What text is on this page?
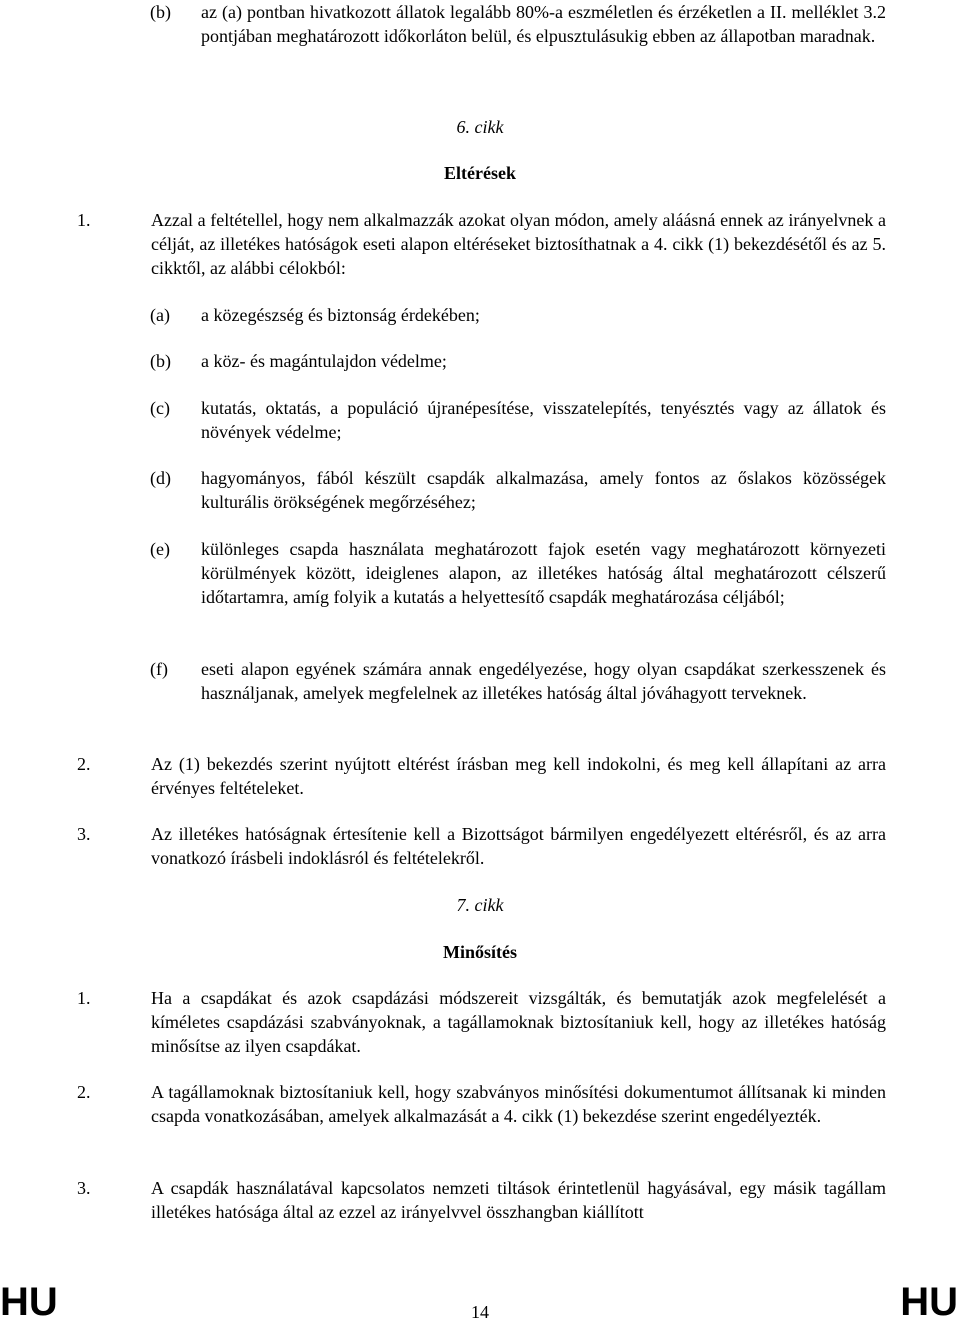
(b) az (a) pontban hivatkozott állatok legalább 80%-a eszméletlen és érzéketlen a II. melléklet 3.2 pontjában meghatározott időkorláton belül, és elpusztulásukig ebben az állapotban maradnak.
6. cikk
Eltérések
1.	Azzal a feltétellel, hogy nem alkalmazzák azokat olyan módon, amely aláásná ennek az irányelvnek a célját, az illetékes hatóságok eseti alapon eltéréseket biztosíthatnak a 4. cikk (1) bekezdésétől és az 5. cikktől, az alábbi célokból:
(a) a közegészség és biztonság érdekében;
(b) a köz- és magántulajdon védelme;
(c) kutatás, oktatás, a populáció újranépesítése, visszatelepítés, tenyésztés vagy az állatok és növények védelme;
(d) hagyományos, fából készült csapdák alkalmazása, amely fontos az őslakos közösségek kulturális örökségének megőrzéséhez;
(e) különleges csapda használata meghatározott fajok esetén vagy meghatározott környezeti körülmények között, ideiglenes alapon, az illetékes hatóság által meghatározott célszerű időtartamra, amíg folyik a kutatás a helyettesítő csapdák meghatározása céljából;
(f) eseti alapon egyének számára annak engedélyezése, hogy olyan csapdákat szerkesszenek és használjanak, amelyek megfelelnek az illetékes hatóság által jóváhagyott terveknek.
2.	Az (1) bekezdés szerint nyújtott eltérést írásban meg kell indokolni, és meg kell állapítani az arra érvényes feltételeket.
3.	Az illetékes hatóságnak értesítenie kell a Bizottságot bármilyen engedélyezett eltérésről, és az arra vonatkozó írásbeli indoklásról és feltételekről.
7. cikk
Minősítés
1.	Ha a csapdákat és azok csapdázási módszereit vizsgálták, és bemutatják azok megfelelését a kíméletes csapdázási szabványoknak, a tagállamoknak biztosítaniuk kell, hogy az illetékes hatóság minősítse az ilyen csapdákat.
2.	A tagállamoknak biztosítaniuk kell, hogy szabványos minősítési dokumentumot állítsanak ki minden csapda vonatkozásában, amelyek alkalmazását a 4. cikk (1) bekezdése szerint engedélyezték.
3.	A csapdák használatával kapcsolatos nemzeti tiltások érintetlenül hagyásával, egy másik tagállam illetékes hatósága által az ezzel az irányelvvel összhangban kiállított
HU	14	HU
